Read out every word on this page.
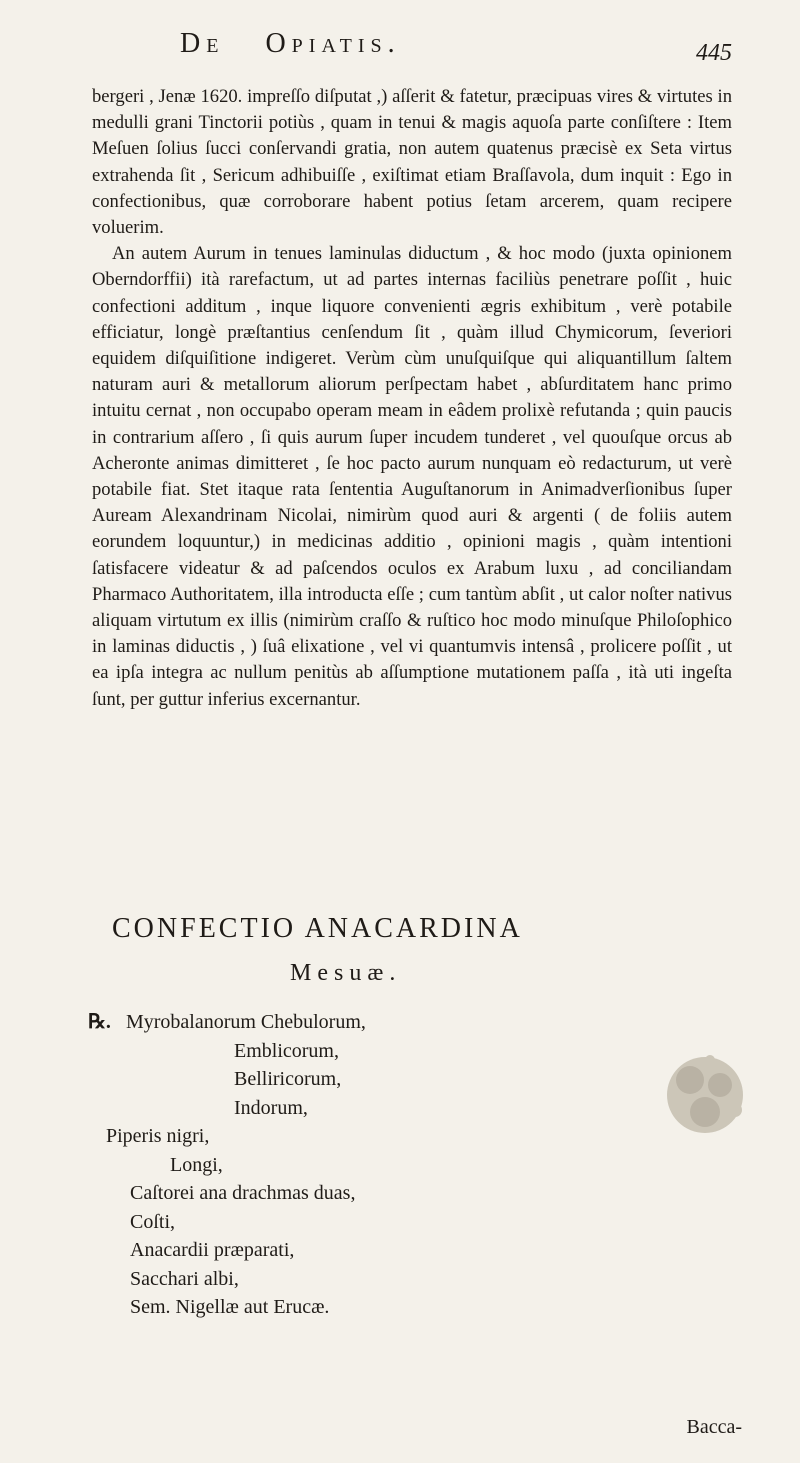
De Opiatis.	445

bergeri , Jenæ 1620. impreſſo diſputat ,) aſſerit & fatetur, præcipuas vires & virtutes in medulli grani Tinctorii potiùs , quam in tenui & magis aquoſa parte conſiſtere : Item Meſuen ſolius ſucci conſervandi gratia, non autem quatenus præcisè ex Seta virtus extrahenda ſit , Sericum adhibuiſſe , exiſtimat etiam Braſſavola, dum inquit : Ego in confectionibus, quæ corroborare habent potius ſetam arcerem, quam recipere voluerim.

An autem Aurum in tenues laminulas diductum , & hoc modo (juxta opinionem Oberndorffii) ità rarefactum, ut ad partes internas faciliùs penetrare poſſit , huic confectioni additum , inque liquore convenienti ægris exhibitum , verè potabile efficiatur, longè præſtantius cenſendum ſit , quàm illud Chymicorum, ſeveriori equidem diſquiſitione indigeret. Verùm cùm unuſquiſque qui aliquantillum ſaltem naturam auri & metallorum aliorum perſpectam habet , abſurditatem hanc primo intuitu cernat , non occupabo operam meam in eâdem prolixè refutanda ; quin paucis in contrarium aſſero , ſi quis aurum ſuper incudem tunderet , vel quouſque orcus ab Acheronte animas dimitteret , ſe hoc pacto aurum nunquam eò redacturum, ut verè potabile fiat. Stet itaque rata ſententia Auguſtanorum in Animadverſionibus ſuper Auream Alexandrinam Nicolai, nimirùm quod auri & argenti ( de foliis autem eorundem loquuntur,) in medicinas additio , opinioni magis , quàm intentioni ſatisfacere videatur & ad paſcendos oculos ex Arabum luxu , ad conciliandam Pharmaco Authoritatem, illa introducta eſſe ; cum tantùm abſit , ut calor noſter nativus aliquam virtutum ex illis (nimirùm craſſo & ruſtico hoc modo minuſque Philoſophico in laminas diductis , ) ſuâ elixatione , vel vi quantumvis intensâ , prolicere poſſit , ut ea ipſa integra ac nullum penitùs ab aſſumptione mutationem paſſa , ità uti ingeſta ſunt, per guttur inferius excernantur.

CONFECTIO ANACARDINA
Mesuæ.
℞. Myrobalanorum Chebulorum,
Emblicorum,
Belliricorum,
Indorum,
Piperis nigri,
Longi,
Caſtorei ana drachmas duas,
Coſti,
Anacardii præparati,
Sacchari albi,
Sem. Nigellæ aut Erucæ.
Bacca-
